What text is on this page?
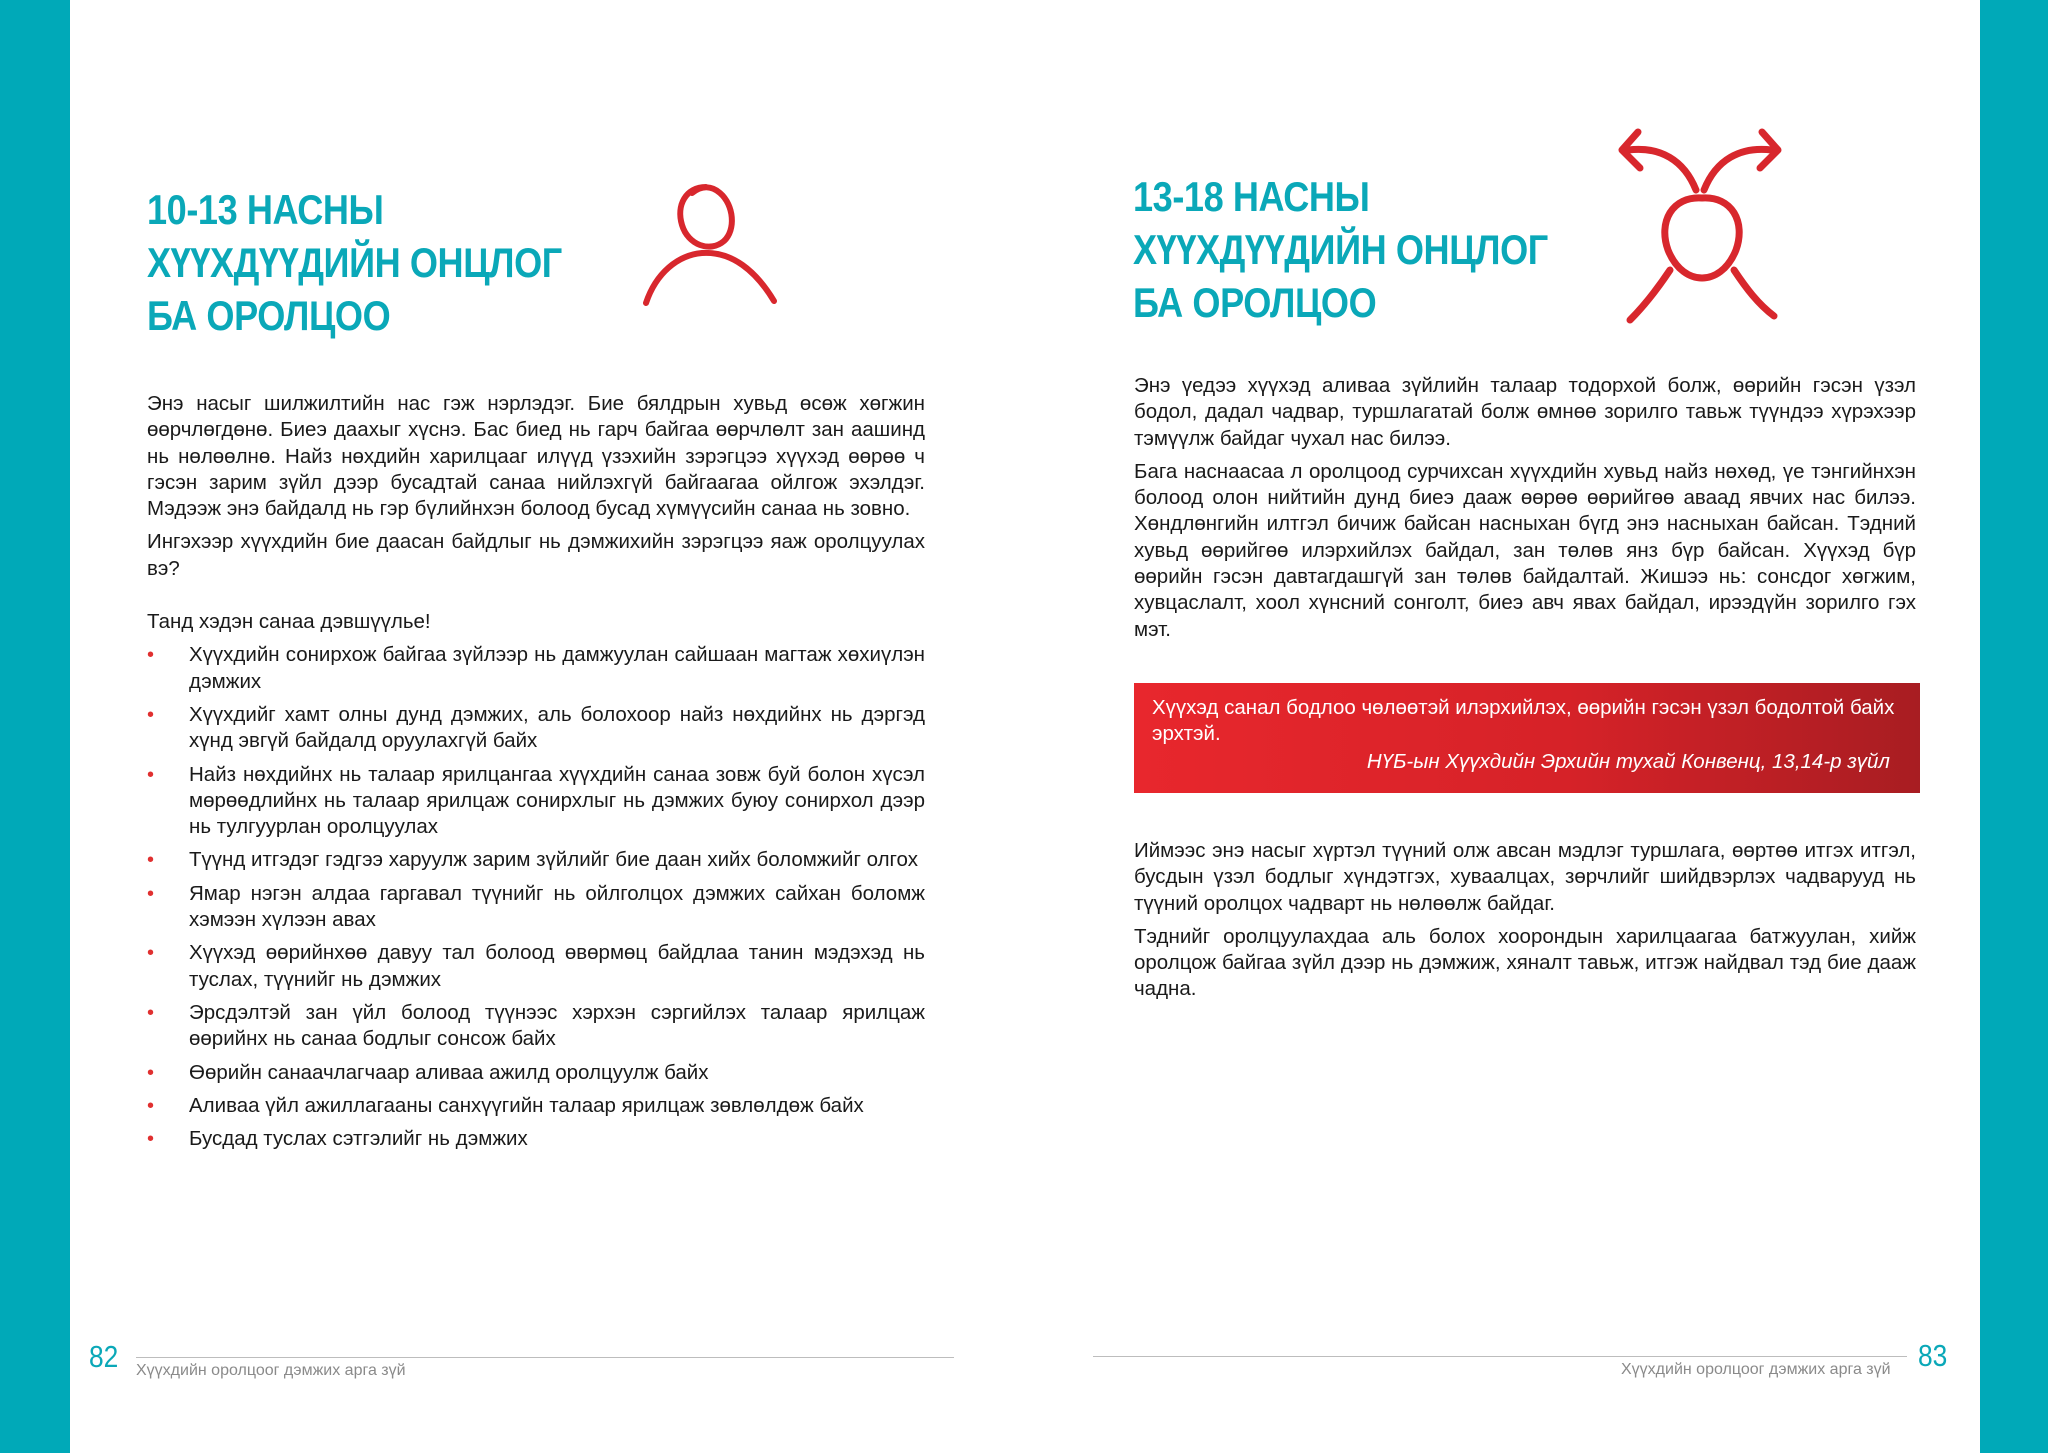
10-13 НАСНЫ
ХҮҮХДҮҮДИЙН ОНЦЛОГ
БА ОРОЛЦОО

Энэ насыг шилжилтийн нас гэж нэрлэдэг. Бие бялдрын хувьд өсөж хөгжин өөрчлөгдөнө. Биеэ даахыг хүснэ. Бас биед нь гарч байгаа өөрчлөлт зан аашинд нь нөлөөлнө. Найз нөхдийн харилцааг илүүд үзэхийн зэрэгцээ хүүхэд өөрөө ч гэсэн зарим зүйл дээр бусадтай санаа нийлэхгүй байгаагаа ойлгож эхэлдэг. Мэдээж энэ байдалд нь гэр бүлийнхэн болоод бусад хүмүүсийн санаа нь зовно.

Ингэхээр хүүхдийн бие даасан байдлыг нь дэмжихийн зэрэгцээ яаж оролцуулах вэ?

Танд хэдэн санаа дэвшүүлье!

• Хүүхдийн сонирхож байгаа зүйлээр нь дамжуулан сайшаан магтаж хөхиүлэн дэмжих
• Хүүхдийг хамт олны дунд дэмжих, аль болохоор найз нөхдийнх нь дэргэд хүнд эвгүй байдалд оруулахгүй байх
• Найз нөхдийнх нь талаар ярилцангаа хүүхдийн санаа зовж буй болон хүсэл мөрөөдлийнх нь талаар ярилцаж сонирхлыг нь дэмжих буюу сонирхол дээр нь тулгуурлан оролцуулах
• Түүнд итгэдэг гэдгээ харуулж зарим зүйлийг бие даан хийх боломжийг олгох
• Ямар нэгэн алдаа гаргавал түүнийг нь ойлголцох дэмжих сайхан боломж хэмээн хүлээн авах
• Хүүхэд өөрийнхөө давуу тал болоод өвөрмөц байдлаа танин мэдэхэд нь туслах, түүнийг нь дэмжих
• Эрсдэлтэй зан үйл болоод түүнээс хэрхэн сэргийлэх талаар ярилцаж өөрийнх нь санаа бодлыг сонсож байх
• Өөрийн санаачлагчаар аливаа ажилд оролцуулж байх
• Аливаа үйл ажиллагааны санхүүгийн талаар ярилцаж зөвлөлдөж байх
• Бусдад туслах сэтгэлийг нь дэмжих
82 Хүүхдийн оролцоог дэмжих арга зүй
13-18 НАСНЫ
ХҮҮХДҮҮДИЙН ОНЦЛОГ
БА ОРОЛЦОО

Энэ үедээ хүүхэд аливаа зүйлийн талаар тодорхой болж, өөрийн гэсэн үзэл бодол, дадал чадвар, туршлагатай болж өмнөө зорилго тавьж түүндээ хүрэхээр тэмүүлж байдаг чухал нас билээ.

Бага наснаасаа л оролцоод сурчихсан хүүхдийн хувьд найз нөхөд, үе тэнгийнхэн болоод олон нийтийн дунд биеэ дааж өөрөө өөрийгөө аваад явчих нас билээ. Хөндлөнгийн илтгэл бичиж байсан насныхан бүгд энэ насныхан байсан. Тэдний хувьд өөрийгөө илэрхийлэх байдал, зан төлөв янз бүр байсан. Хүүхэд бүр өөрийн гэсэн давтагдашгүй зан төлөв байдалтай. Жишээ нь: сонсдог хөгжим, хувцаслалт, хоол хүнсний сонголт, биеэ авч явах байдал, ирээдүйн зорилго гэх мэт.

Хүүхэд санал бодлоо чөлөөтэй илэрхийлэх, өөрийн гэсэн үзэл бодолтой байх эрхтэй.
НҮБ-ын Хүүхдийн Эрхийн тухай Конвенц, 13,14-р зүйл

Иймээс энэ насыг хүртэл түүний олж авсан мэдлэг туршлага, өөртөө итгэх итгэл, бусдын үзэл бодлыг хүндэтгэх, хуваалцах, зөрчлийг шийдвэрлэх чадварууд нь түүний оролцох чадварт нь нөлөөлж байдаг.

Тэднийг оролцуулахдаа аль болох хоорондын харилцаагаа батжуулан, хийж оролцож байгаа зүйл дээр нь дэмжиж, хяналт тавьж, итгэж найдвал тэд бие дааж чадна.

Хүүхдийн оролцоог дэмжих арга зүй 83
